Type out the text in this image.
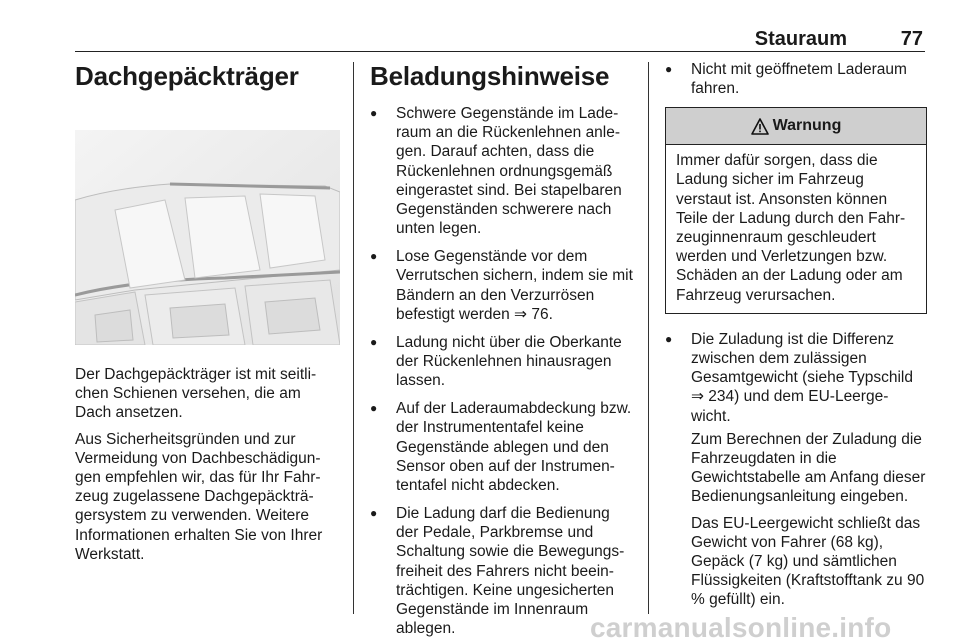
Stauraum	77
Dachgepäckträger

Der Dachgepäckträger ist mit seitli-chen Schienen versehen, die am Dach ansetzen.

Aus Sicherheitsgründen und zur Vermeidung von Dachbeschädigun-gen empfehlen wir, das für Ihr Fahr-zeug zugelassene Dachgepäckträ-gersystem zu verwenden. Weitere Informationen erhalten Sie von Ihrer Werkstatt.

Beladungshinweise
● Schwere Gegenstände im Lade-raum an die Rückenlehnen anle-gen. Darauf achten, dass die Rückenlehnen ordnungsgemäß eingerastet sind. Bei stapelbaren Gegenständen schwerere nach unten legen.
● Lose Gegenstände vor dem Verrutschen sichern, indem sie mit Bändern an den Verzurrösen befestigt werden ⇒ 76.
● Ladung nicht über die Oberkante der Rückenlehnen hinausragen lassen.
● Auf der Laderaumabdeckung bzw. der Instrumententafel keine Gegenstände ablegen und den Sensor oben auf der Instrumen-tentafel nicht abdecken.
● Die Ladung darf die Bedienung der Pedale, Parkbremse und Schaltung sowie die Bewegungs-freiheit des Fahrers nicht beein-trächtigen. Keine ungesicherten Gegenstände im Innenraum ablegen.
● Nicht mit geöffnetem Laderaum fahren.
Warnung

Immer dafür sorgen, dass die Ladung sicher im Fahrzeug verstaut ist. Ansonsten können Teile der Ladung durch den Fahr-zeuginnenraum geschleudert werden und Verletzungen bzw. Schäden an der Ladung oder am Fahrzeug verursachen.

● Die Zuladung ist die Differenz zwischen dem zulässigen Gesamtgewicht (siehe Typschild ⇒ 234) und dem EU-Leerge-wicht.

Zum Berechnen der Zuladung die Fahrzeugdaten in die Gewichtstabelle am Anfang dieser Bedienungsanleitung eingeben.

Das EU-Leergewicht schließt das Gewicht von Fahrer (68 kg), Gepäck (7 kg) und sämtlichen Flüssigkeiten (Kraftstofftank zu 90 % gefüllt) ein.

carmanualsonline.info
